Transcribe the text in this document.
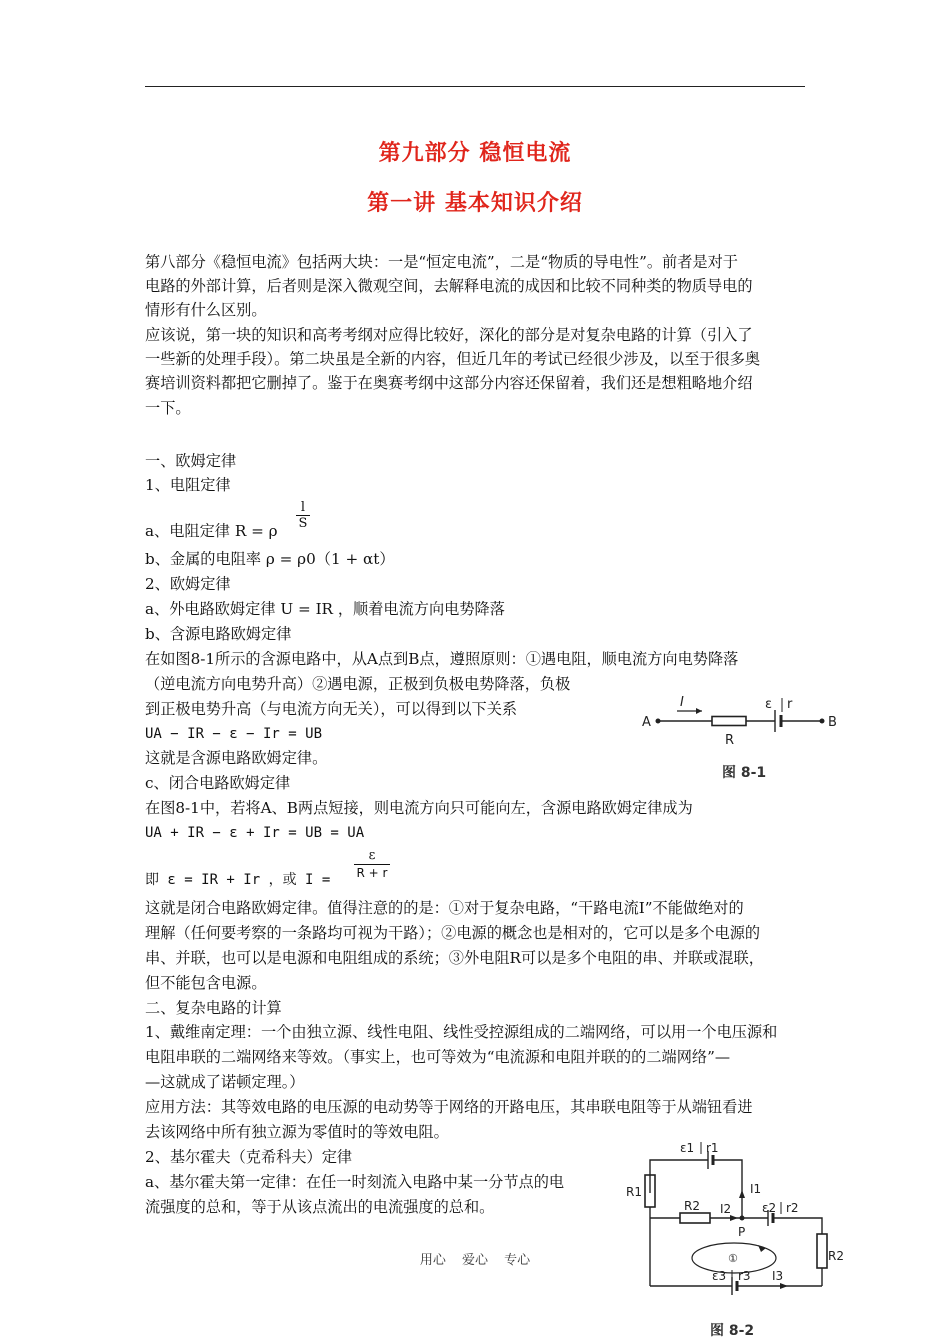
第九部分 稳恒电流
第一讲 基本知识介绍
第八部分《稳恒电流》包括两大块：一是“恒定电流”，二是“物质的导电性”。前者是对于
电路的外部计算，后者则是深入微观空间，去解释电流的成因和比较不同种类的物质导电的
情形有什么区别。
应该说，第一块的知识和高考考纲对应得比较好，深化的部分是对复杂电路的计算（引入了
一些新的处理手段）。第二块虽是全新的内容，但近几年的考试已经很少涉及，以至于很多奥
赛培训资料都把它删掉了。鉴于在奥赛考纲中这部分内容还保留着，我们还是想粗略地介绍
一下。
一、欧姆定律
1、电阻定律
l
S
a、电阻定律 R = ρ
b、金属的电阻率 ρ = ρ0（1 + αt）
2、欧姆定律
a、外电路欧姆定律 U = IR ，顺着电流方向电势降落
b、含源电路欧姆定律
在如图8-1所示的含源电路中，从A点到B点，遵照原则：①遇电阻，顺电流方向电势降落
（逆电流方向电势升高）②遇电源，正极到负极电势降落，负极
到正极电势升高（与电流方向无关），可以得到以下关系
UA − IR − ε − Ir = UB
这就是含源电路欧姆定律。
c、闭合电路欧姆定律
在图8-1中，若将A、B两点短接，则电流方向只可能向左，含源电路欧姆定律成为
UA + IR − ε + Ir = UB = UA
ε
R + r
即 ε = IR + Ir ，或 I =
这就是闭合电路欧姆定律。值得注意的的是：①对于复杂电路，“干路电流I”不能做绝对的
理解（任何要考察的一条路均可视为干路）；②电源的概念也是相对的，它可以是多个电源的
串、并联，也可以是电源和电阻组成的系统；③外电阻R可以是多个电阻的串、并联或混联，
但不能包含电源。
二、复杂电路的计算
1、戴维南定理：一个由独立源、线性电阻、线性受控源组成的二端网络，可以用一个电压源和
电阻串联的二端网络来等效。（事实上，也可等效为“电流源和电阻并联的的二端网络”—
—这就成了诺顿定理。）
应用方法：其等效电路的电压源的电动势等于网络的开路电压，其串联电阻等于从端钮看进
去该网络中所有独立源为零值时的等效电阻。
2、基尔霍夫（克希科夫）定律
a、基尔霍夫第一定律：在任一时刻流入电路中某一分节点的电
流强度的总和，等于从该点流出的电流强度的总和。
A	B
I
R
ε r
图 8-1
ε1 r1
R1	I1
R2 I2
P
ε2 r2
R2
ε3 r3 I3
①
图 8-2
用心 爱心 专心
